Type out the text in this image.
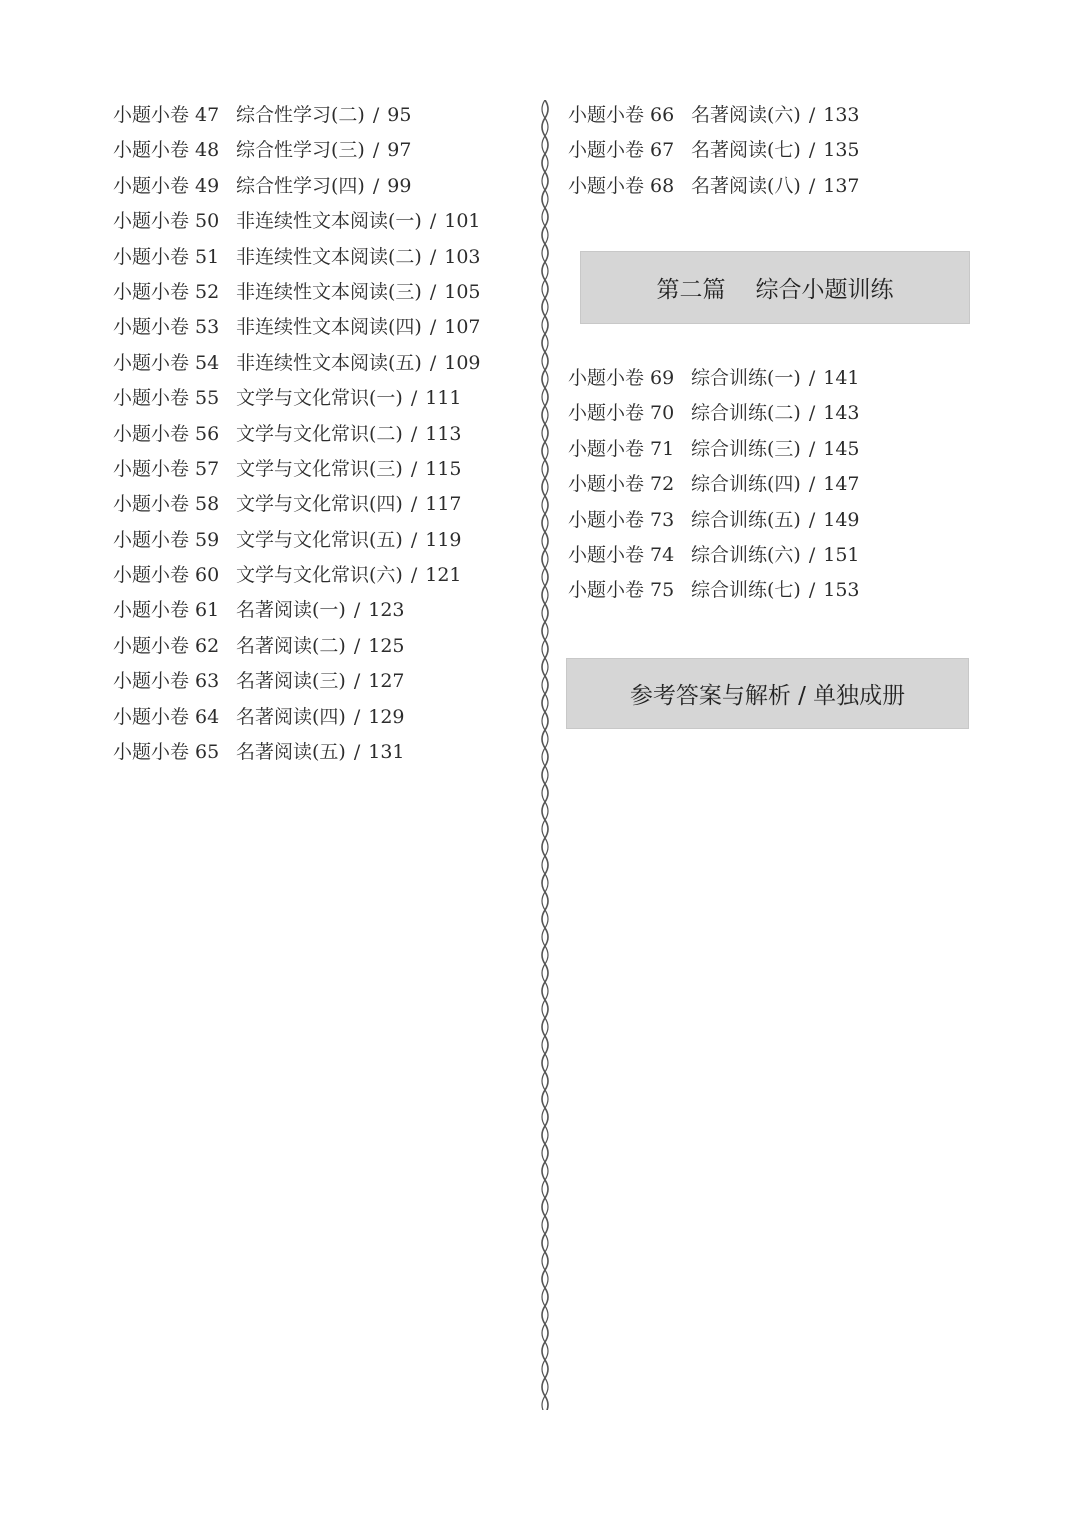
小题小卷 47 综合性学习(二) / 95
小题小卷 48 综合性学习(三) / 97
小题小卷 49 综合性学习(四) / 99
小题小卷 50 非连续性文本阅读(一) / 101
小题小卷 51 非连续性文本阅读(二) / 103
小题小卷 52 非连续性文本阅读(三) / 105
小题小卷 53 非连续性文本阅读(四) / 107
小题小卷 54 非连续性文本阅读(五) / 109
小题小卷 55 文学与文化常识(一) / 111
小题小卷 56 文学与文化常识(二) / 113
小题小卷 57 文学与文化常识(三) / 115
小题小卷 58 文学与文化常识(四) / 117
小题小卷 59 文学与文化常识(五) / 119
小题小卷 60 文学与文化常识(六) / 121
小题小卷 61 名著阅读(一) / 123
小题小卷 62 名著阅读(二) / 125
小题小卷 63 名著阅读(三) / 127
小题小卷 64 名著阅读(四) / 129
小题小卷 65 名著阅读(五) / 131
小题小卷 66 名著阅读(六) / 133
小题小卷 67 名著阅读(七) / 135
小题小卷 68 名著阅读(八) / 137
第二篇 综合小题训练
小题小卷 69 综合训练(一) / 141
小题小卷 70 综合训练(二) / 143
小题小卷 71 综合训练(三) / 145
小题小卷 72 综合训练(四) / 147
小题小卷 73 综合训练(五) / 149
小题小卷 74 综合训练(六) / 151
小题小卷 75 综合训练(七) / 153
参考答案与解析 / 单独成册
